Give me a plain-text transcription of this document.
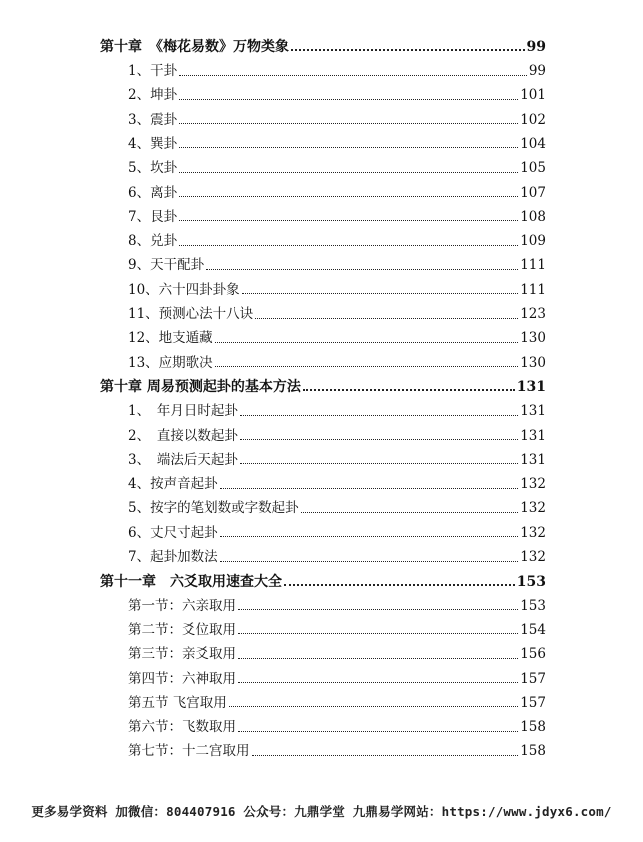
第十章　《梅花易数》万物类象	99
1、干卦	99
2、坤卦	101
3、震卦	102
4、巽卦	104
5、坎卦	105
6、离卦	107
7、艮卦	108
8、兑卦	109
9、天干配卦	111
10、六十四卦卦象	111
11、预测心法十八诀	123
12、地支遁藏	130
13、应期歌决	130
第十章 周易预测起卦的基本方法	131
1、　年月日时起卦	131
2、　直接以数起卦	131
3、　端法后天起卦	131
4、按声音起卦	132
5、按字的笔划数或字数起卦	132
6、丈尺寸起卦	132
7、起卦加数法	132
第十一章　六爻取用速查大全	153
第一节：六亲取用	153
第二节：爻位取用	154
第三节：亲爻取用	156
第四节：六神取用	157
第五节 飞宫取用	157
第六节：飞数取用	158
第七节：十二宫取用	158
更多易学资料 加微信：804407916 公众号：九鼎学堂 九鼎易学网站：https://www.jdyx6.com/
